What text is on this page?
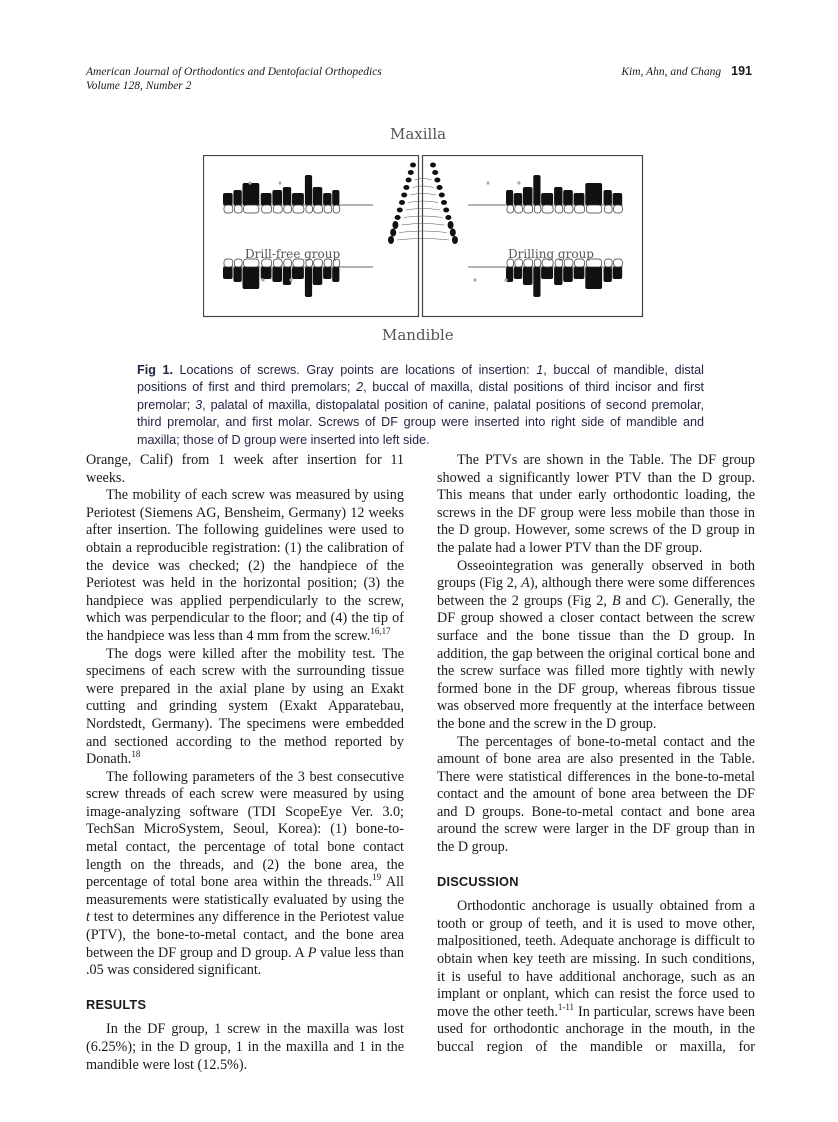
American Journal of Orthodontics and Dentofacial Orthopedics
Volume 128, Number 2
Kim, Ahn, and Chang 191
Maxilla
Drill-free group	Drilling group
Mandible
Fig 1. Locations of screws. Gray points are locations of insertion: 1, buccal of mandible, distal positions of first and third premolars; 2, buccal of maxilla, distal positions of third incisor and first premolar; 3, palatal of maxilla, distopalatal position of canine, palatal positions of second premolar, third premolar, and first molar. Screws of DF group were inserted into right side of mandible and maxilla; those of D group were inserted into left side.

Orange, Calif) from 1 week after insertion for 11 weeks.

The mobility of each screw was measured by using Periotest (Siemens AG, Bensheim, Germany) 12 weeks after insertion. The following guidelines were used to obtain a reproducible registration: (1) the calibration of the device was checked; (2) the handpiece of the Periotest was held in the horizontal position; (3) the handpiece was applied perpendicularly to the screw, which was perpendicular to the floor; and (4) the tip of the handpiece was less than 4 mm from the screw.$^{16,17}$

The dogs were killed after the mobility test. The specimens of each screw with the surrounding tissue were prepared in the axial plane by using an Exakt cutting and grinding system (Exakt Apparatebau, Nordstedt, Germany). The specimens were embedded and sectioned according to the method reported by Donath.$^{18}$

The following parameters of the 3 best consecutive screw threads of each screw were measured by using image-analyzing software (TDI ScopeEye Ver. 3.0; TechSan MicroSystem, Seoul, Korea): (1) bone-to-metal contact, the percentage of total bone contact length on the threads, and (2) the bone area, the percentage of total bone area within the threads.$^{19}$ All measurements were statistically evaluated by using the t test to determines any difference in the Periotest value (PTV), the bone-to-metal contact, and the bone area between the DF group and D group. A P value less than .05 was considered significant.

RESULTS

In the DF group, 1 screw in the maxilla was lost (6.25%); in the D group, 1 in the maxilla and 1 in the mandible were lost (12.5%).

The PTVs are shown in the Table. The DF group showed a significantly lower PTV than the D group. This means that under early orthodontic loading, the screws in the DF group were less mobile than those in the D group. However, some screws of the D group in the palate had a lower PTV than the DF group.

Osseointegration was generally observed in both groups (Fig 2, A), although there were some differences between the 2 groups (Fig 2, B and C). Generally, the DF group showed a closer contact between the screw surface and the bone tissue than the D group. In addition, the gap between the original cortical bone and the screw surface was filled more tightly with newly formed bone in the DF group, whereas fibrous tissue was observed more frequently at the interface between the bone and the screw in the D group.

The percentages of bone-to-metal contact and the amount of bone area are also presented in the Table. There were statistical differences in the bone-to-metal contact and the amount of bone area between the DF and D groups. Bone-to-metal contact and bone area around the screw were larger in the DF group than in the D group.

DISCUSSION

Orthodontic anchorage is usually obtained from a tooth or group of teeth, and it is used to move other, malpositioned, teeth. Adequate anchorage is difficult to obtain when key teeth are missing. In such conditions, it is useful to have additional anchorage, such as an implant or onplant, which can resist the force used to move the other teeth.$^{1-11}$ In particular, screws have been used for orthodontic anchorage in the mouth, in the buccal region of the mandible or maxilla, for
